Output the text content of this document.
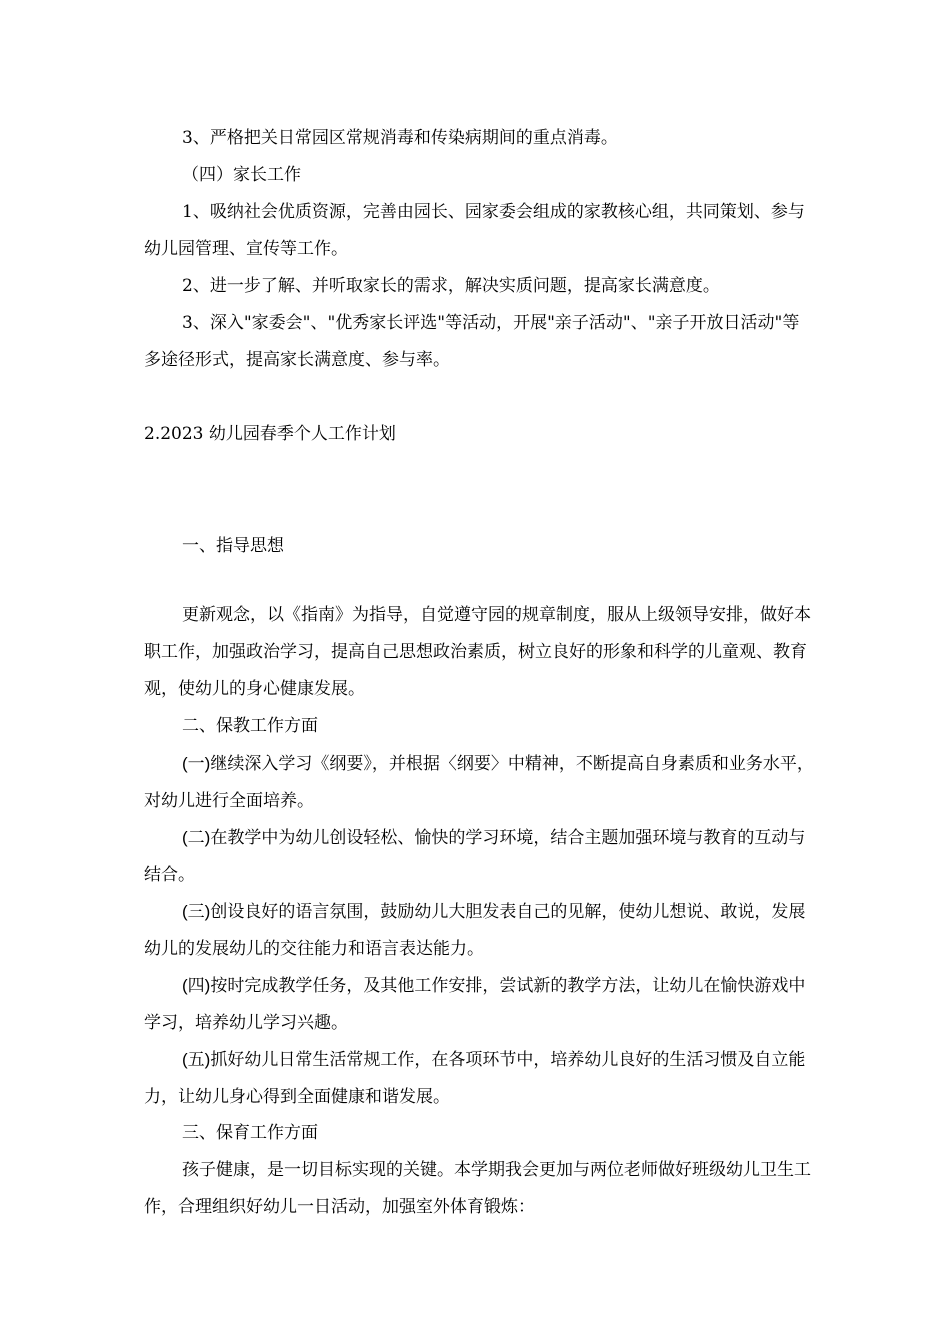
3、严格把关日常园区常规消毒和传染病期间的重点消毒。

（四）家长工作

1、吸纳社会优质资源，完善由园长、园家委会组成的家教核心组，共同策划、参与幼儿园管理、宣传等工作。

2、进一步了解、并听取家长的需求，解决实质问题，提高家长满意度。

3、深入"家委会"、"优秀家长评选"等活动，开展"亲子活动"、"亲子开放日活动"等多途径形式，提高家长满意度、参与率。

2.2023 幼儿园春季个人工作计划

一、指导思想

更新观念，以《指南》为指导，自觉遵守园的规章制度，服从上级领导安排，做好本职工作，加强政治学习，提高自己思想政治素质，树立良好的形象和科学的儿童观、教育观，使幼儿的身心健康发展。

二、保教工作方面

(一)继续深入学习《纲要》，并根据〈纲要〉中精神，不断提高自身素质和业务水平，对幼儿进行全面培养。

(二)在教学中为幼儿创设轻松、愉快的学习环境，结合主题加强环境与教育的互动与结合。

(三)创设良好的语言氛围，鼓励幼儿大胆发表自己的见解，使幼儿想说、敢说，发展幼儿的发展幼儿的交往能力和语言表达能力。

(四)按时完成教学任务，及其他工作安排，尝试新的教学方法，让幼儿在愉快游戏中学习，培养幼儿学习兴趣。

(五)抓好幼儿日常生活常规工作，在各项环节中，培养幼儿良好的生活习惯及自立能力，让幼儿身心得到全面健康和谐发展。

三、保育工作方面

孩子健康，是一切目标实现的关键。本学期我会更加与两位老师做好班级幼儿卫生工作，合理组织好幼儿一日活动，加强室外体育锻炼：
